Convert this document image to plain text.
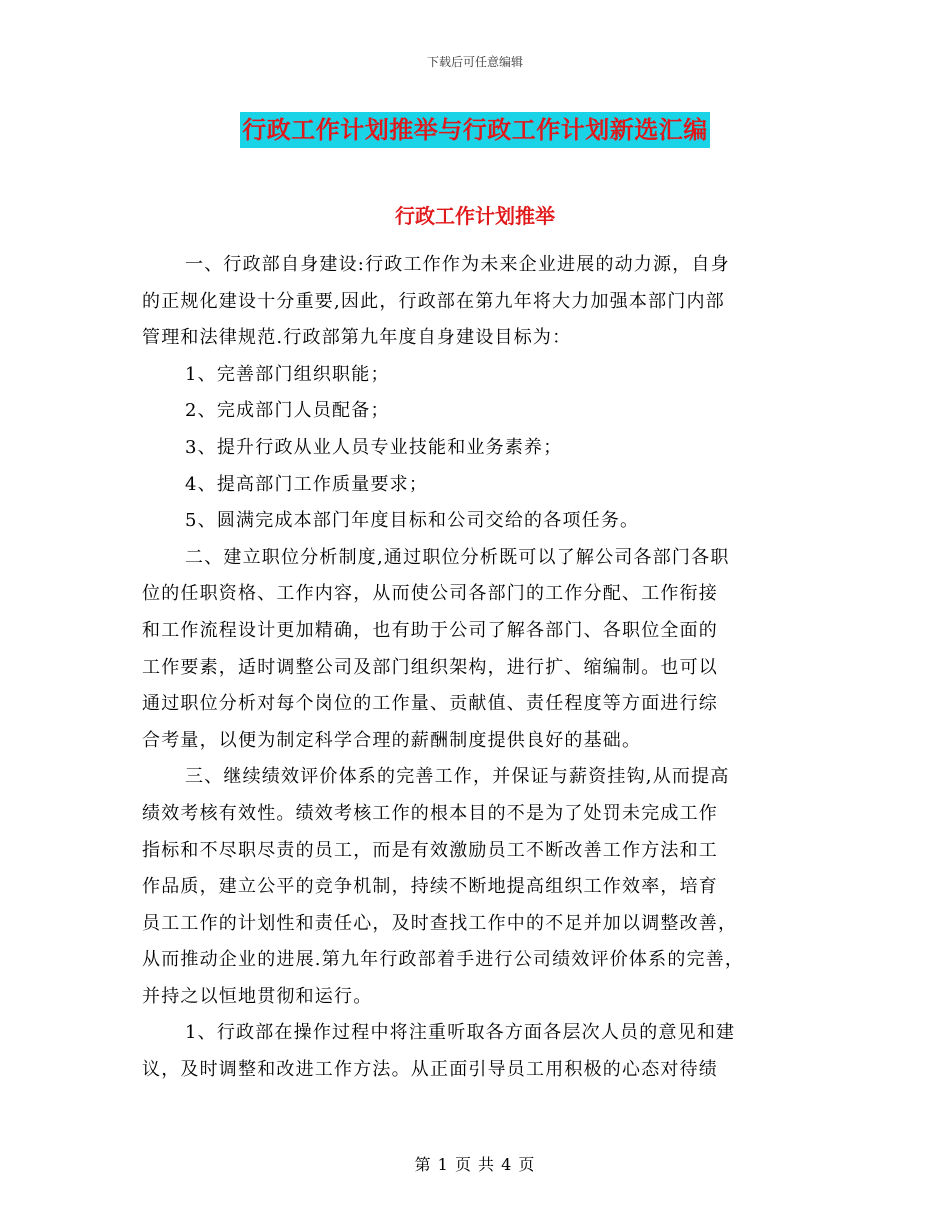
下载后可任意编辑
行政工作计划推举与行政工作计划新选汇编
行政工作计划推举
一、行政部自身建设:行政工作作为未来企业进展的动力源，自身
的正规化建设十分重要,因此，行政部在第九年将大力加强本部门内部
管理和法律规范.行政部第九年度自身建设目标为：
1、完善部门组织职能；
2、完成部门人员配备；
3、提升行政从业人员专业技能和业务素养；
4、提高部门工作质量要求；
5、圆满完成本部门年度目标和公司交给的各项任务。
二、建立职位分析制度,通过职位分析既可以了解公司各部门各职
位的任职资格、工作内容，从而使公司各部门的工作分配、工作衔接
和工作流程设计更加精确，也有助于公司了解各部门、各职位全面的
工作要素，适时调整公司及部门组织架构，进行扩、缩编制。也可以
通过职位分析对每个岗位的工作量、贡献值、责任程度等方面进行综
合考量，以便为制定科学合理的薪酬制度提供良好的基础。
三、继续绩效评价体系的完善工作，并保证与薪资挂钩,从而提高
绩效考核有效性。绩效考核工作的根本目的不是为了处罚未完成工作
指标和不尽职尽责的员工，而是有效激励员工不断改善工作方法和工
作品质，建立公平的竞争机制，持续不断地提高组织工作效率，培育
员工工作的计划性和责任心，及时查找工作中的不足并加以调整改善，
从而推动企业的进展.第九年行政部着手进行公司绩效评价体系的完善，
并持之以恒地贯彻和运行。
1、行政部在操作过程中将注重听取各方面各层次人员的意见和建
议，及时调整和改进工作方法。从正面引导员工用积极的心态对待绩
第 1 页 共 4 页
